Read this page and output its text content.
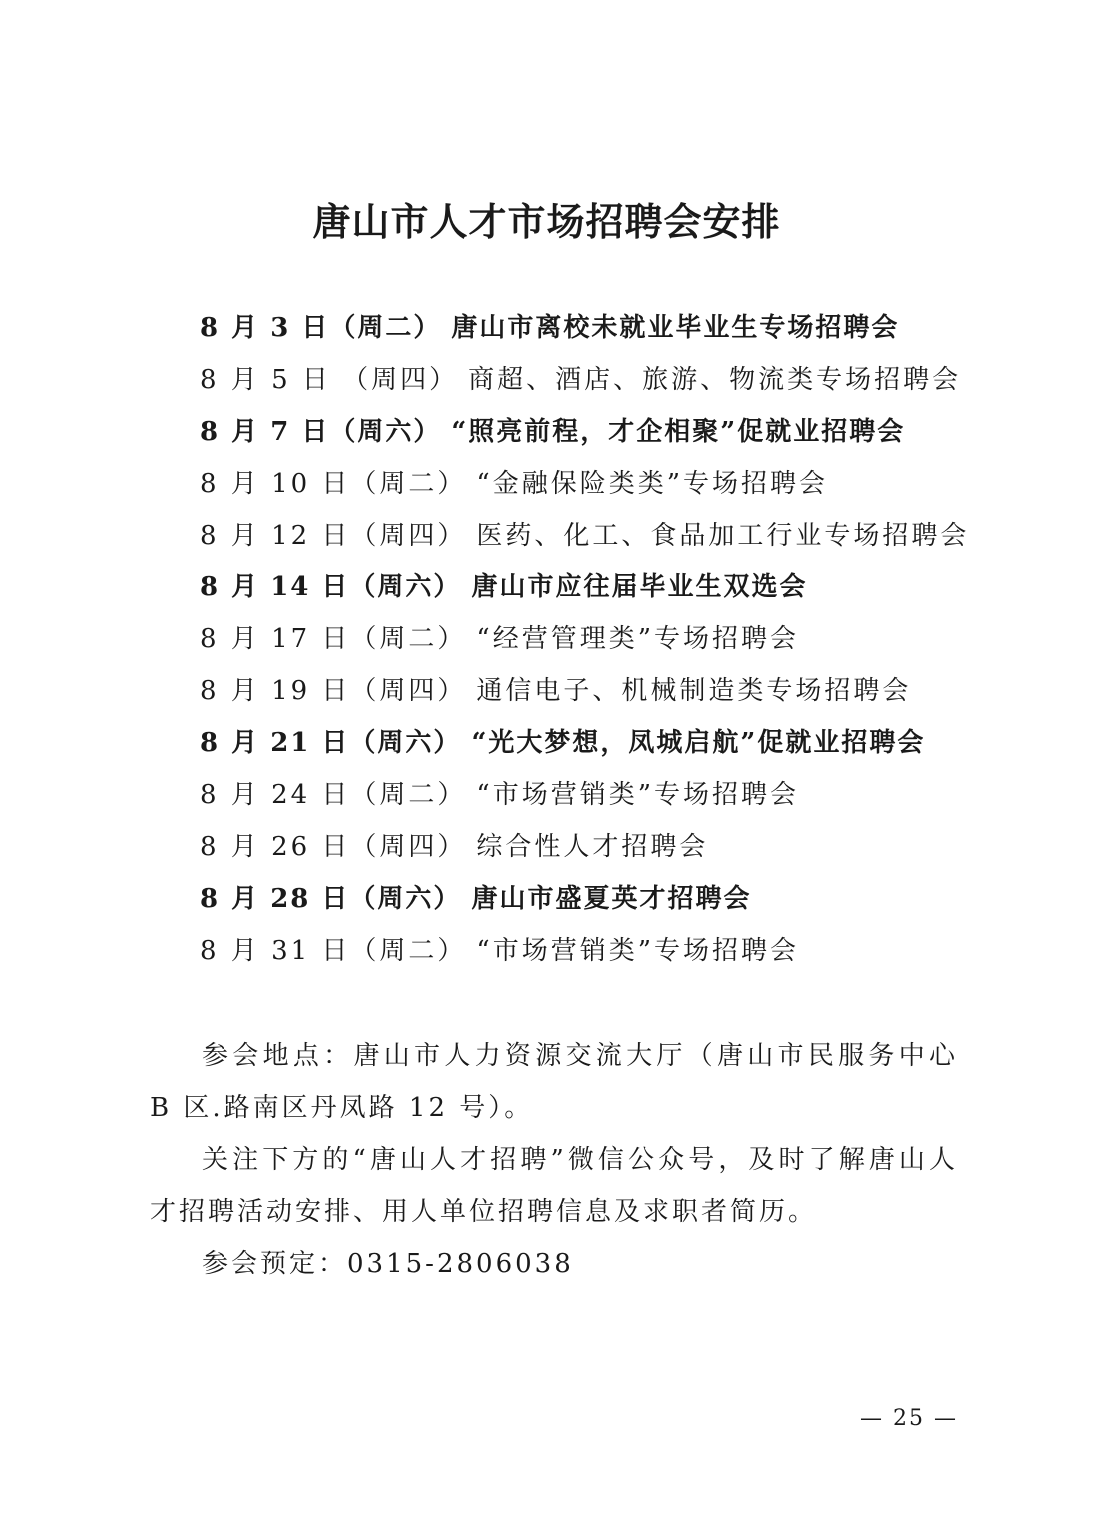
唐山市人才市场招聘会安排
8 月 3 日（周二） 唐山市离校未就业毕业生专场招聘会
8 月 5 日 （周四） 商超、酒店、旅游、物流类专场招聘会
8 月 7 日（周六） “照亮前程，才企相聚”促就业招聘会
8 月 10 日（周二） “金融保险类类”专场招聘会
8 月 12 日（周四） 医药、化工、食品加工行业专场招聘会
8 月 14 日（周六） 唐山市应往届毕业生双选会
8 月 17 日（周二） “经营管理类”专场招聘会
8 月 19 日（周四） 通信电子、机械制造类专场招聘会
8 月 21 日（周六） “光大梦想，凤城启航”促就业招聘会
8 月 24 日（周二） “市场营销类”专场招聘会
8 月 26 日（周四） 综合性人才招聘会
8 月 28 日（周六） 唐山市盛夏英才招聘会
8 月 31 日（周二） “市场营销类”专场招聘会

参会地点：唐山市人力资源交流大厅（唐山市民服务中心 B 区.路南区丹凤路 12 号）。

关注下方的“唐山人才招聘”微信公众号，及时了解唐山人才招聘活动安排、用人单位招聘信息及求职者简历。

参会预定：0315-2806038

— 25 —
